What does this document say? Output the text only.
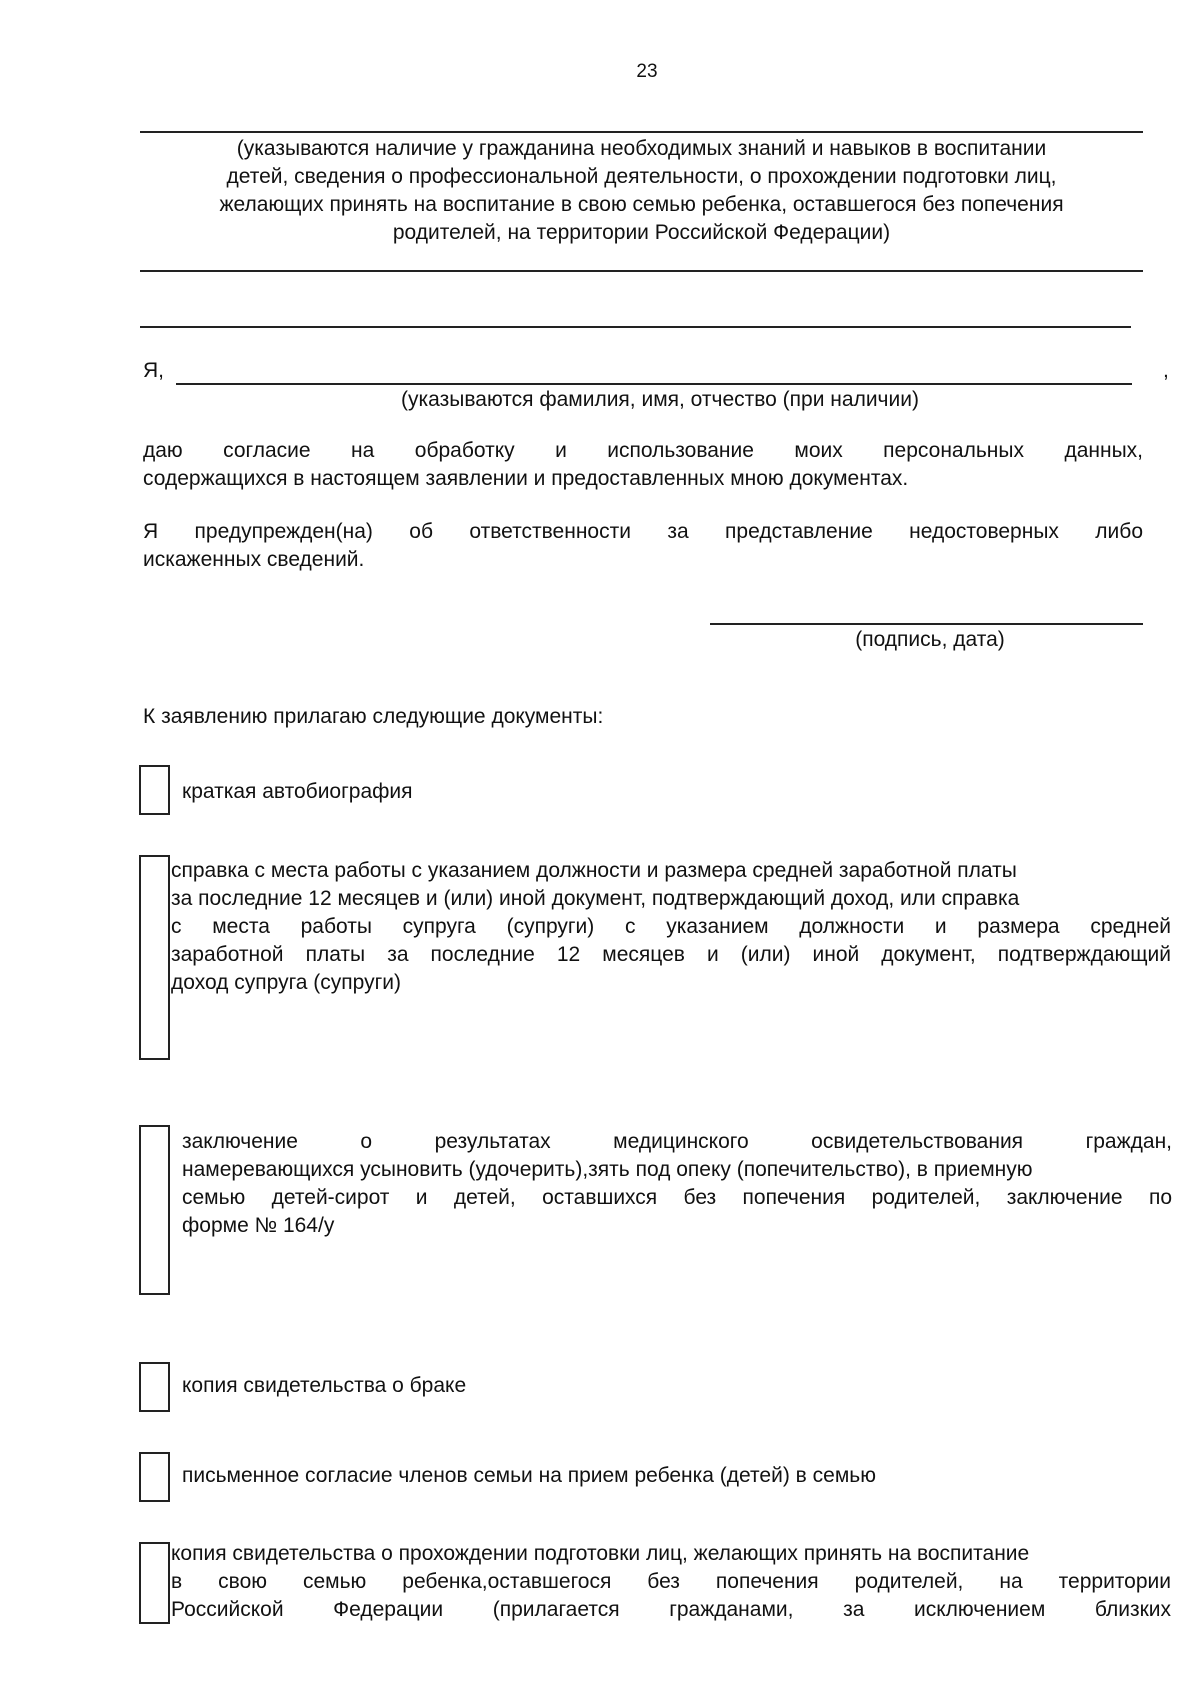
23
(указываются наличие у гражданина необходимых знаний и навыков в воспитании
детей, сведения о профессиональной деятельности, о прохождении подготовки лиц,
желающих принять на воспитание в свою семью ребенка, оставшегося без попечения
родителей, на территории Российской Федерации)
Я,	,
(указываются фамилия, имя, отчество (при наличии)
даю согласие на обработку и использование моих персональных данных,
содержащихся в настоящем заявлении и предоставленных мною документах.
Я предупрежден(на) об ответственности за представление недостоверных либо
искаженных сведений.
(подпись, дата)
К заявлению прилагаю следующие документы:
краткая автобиография
справка с места работы с указанием должности и размера средней заработной платы
за последние 12 месяцев и (или) иной документ, подтверждающий доход, или справка
с места работы супруга (супруги) с указанием должности и размера средней
заработной платы за последние 12 месяцев и (или) иной документ, подтверждающий
доход супруга (супруги)
заключение о результатах медицинского освидетельствования граждан,
намеревающихся усыновить (удочерить),зять под опеку (попечительство), в приемную
семью детей-сирот и детей, оставшихся без попечения родителей, заключение по
форме № 164/у
копия свидетельства о браке
письменное согласие членов семьи на прием ребенка (детей) в семью
копия свидетельства о прохождении подготовки лиц, желающих принять на воспитание
в свою семью ребенка,оставшегося без попечения родителей, на территории
Российской Федерации (прилагается гражданами, за исключением близких
